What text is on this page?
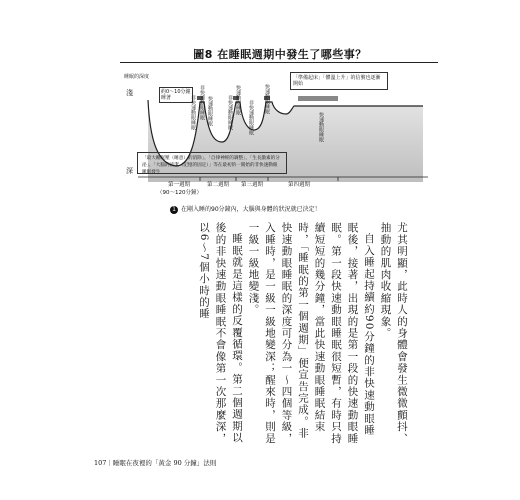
圖8 在睡眠週期中發生了哪些事？
睡眠的深度
淺
深
約0〜10分鐘睡著	非快速動眼睡眠 非快速動眼睡眠 快速動眼睡眠	非快速動眼睡眠 快速動眼睡眠 非快速動眼睡眠
快速動眼睡眠
快速動眼睡眠
「準備起床」「體溫上升」的信號也逐漸開始
「最大睡眠壓（睡意）的消除」、「自律神經的調整」、「生長激素的分泌」、「大腦的清潔（記憶的固定）」等在最初的一開始的非快速動眼睡眠發生
第一週期
（90〜120分鐘）
第二週期 第三週期	第四週期
1 在剛入睡的90分鐘內，大腦與身體的狀況就已決定！

尤其明顯，此時人的身體會發生微微顫抖、抽動的肌肉收縮現象。

自入睡起持續約90分鐘的非快速動眼睡眠後，接著，出現的是第一段的快速動眼睡眠。第一段快速動眼睡眠很短暫，有時只持續短短的幾分鐘，當此快速動眼睡眠結束時，「睡眠的第一個週期」便宣告完成。非快速動眼睡眠的深度可分為一～四個等級，入睡時，是一級一級地變深；醒來時，則是一級一級地變淺。

睡眠就是這樣的反覆循環。第二個週期以後的非快速動眼睡眠不會像第一次那麼深，以6～7個小時的睡

107｜睡眠在夜裡的「黃金 90 分鐘」法則
